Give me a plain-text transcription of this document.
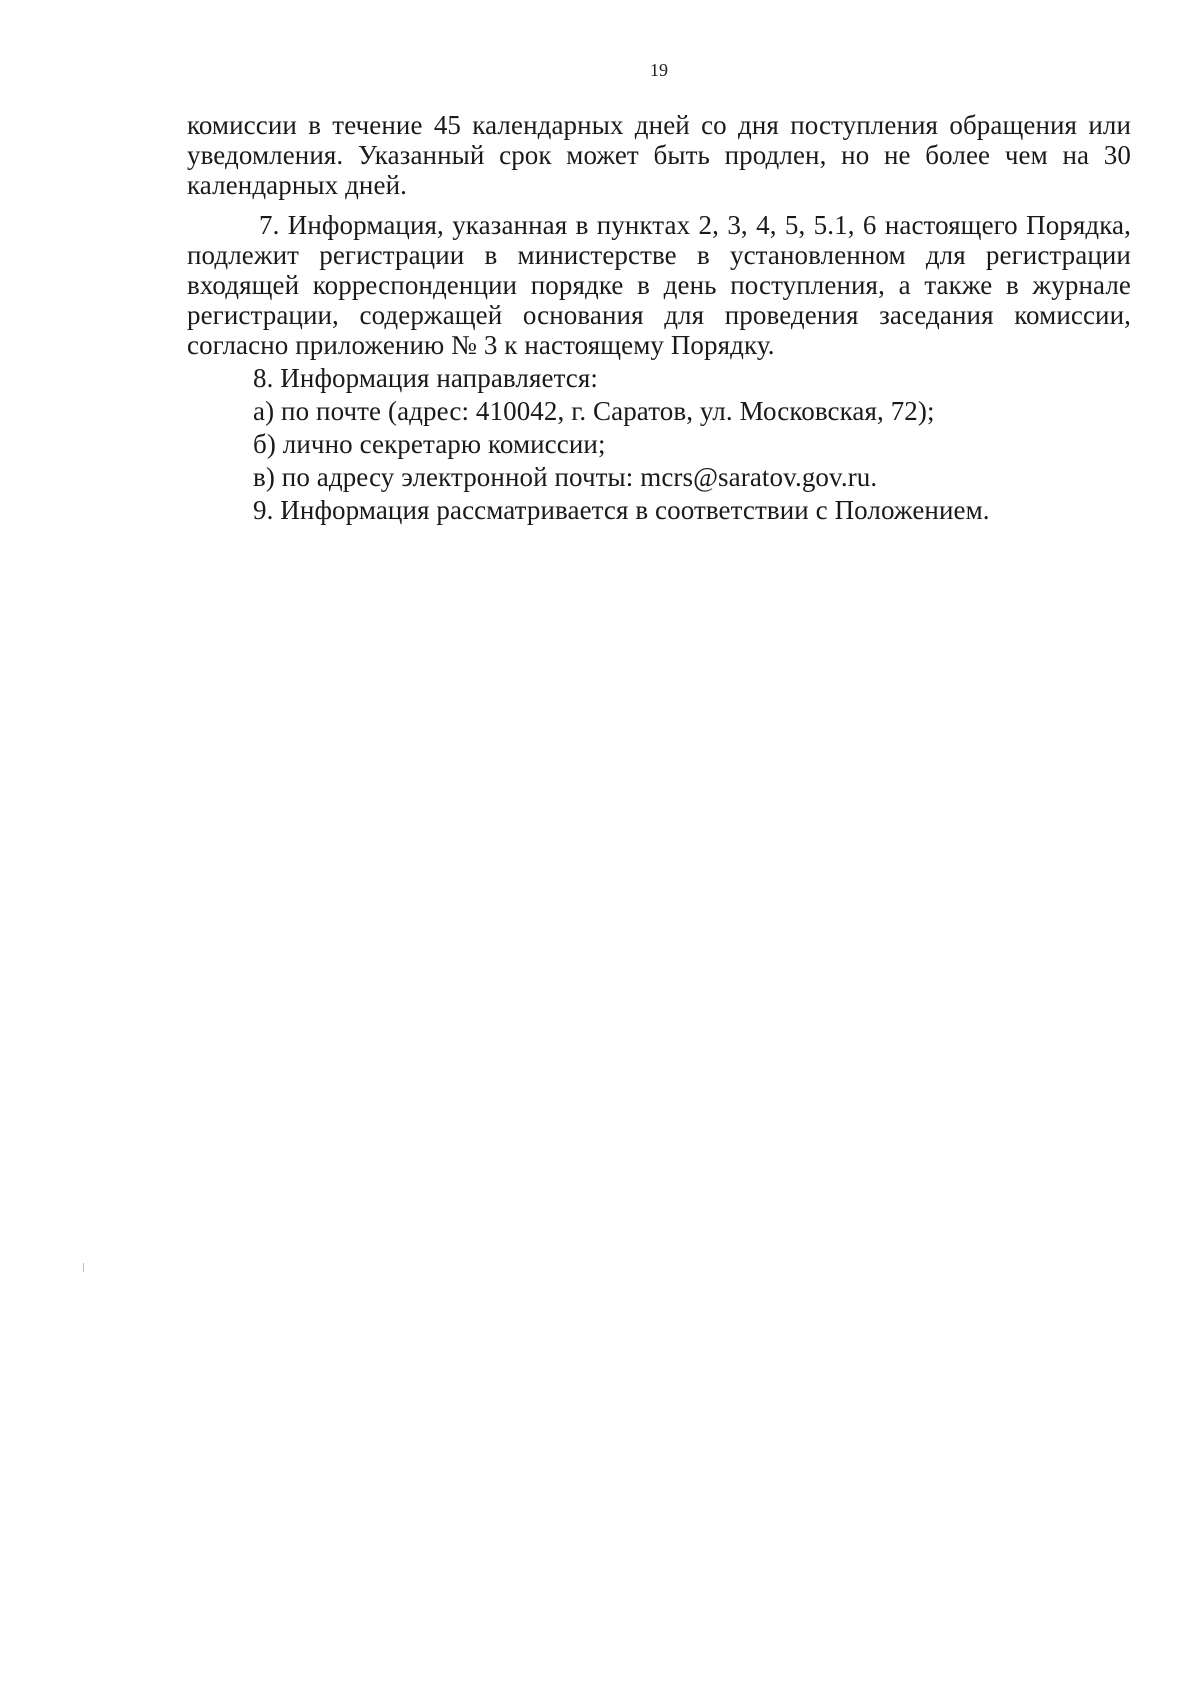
19

комиссии в течение 45 календарных дней со дня поступления обращения или уведомления. Указанный срок может быть продлен, но не более чем на 30 календарных дней.

7. Информация, указанная в пунктах 2, 3, 4, 5, 5.1, 6 настоящего Порядка, подлежит регистрации в министерстве в установленном для регистрации входящей корреспонденции порядке в день поступления, а также в журнале регистрации, содержащей основания для проведения заседания комиссии, согласно приложению № 3 к настоящему Порядку.

8. Информация направляется:

а) по почте (адрес: 410042, г. Саратов, ул. Московская, 72);

б) лично секретарю комиссии;

в) по адресу электронной почты: mcrs@saratov.gov.ru.

9. Информация рассматривается в соответствии с Положением.
